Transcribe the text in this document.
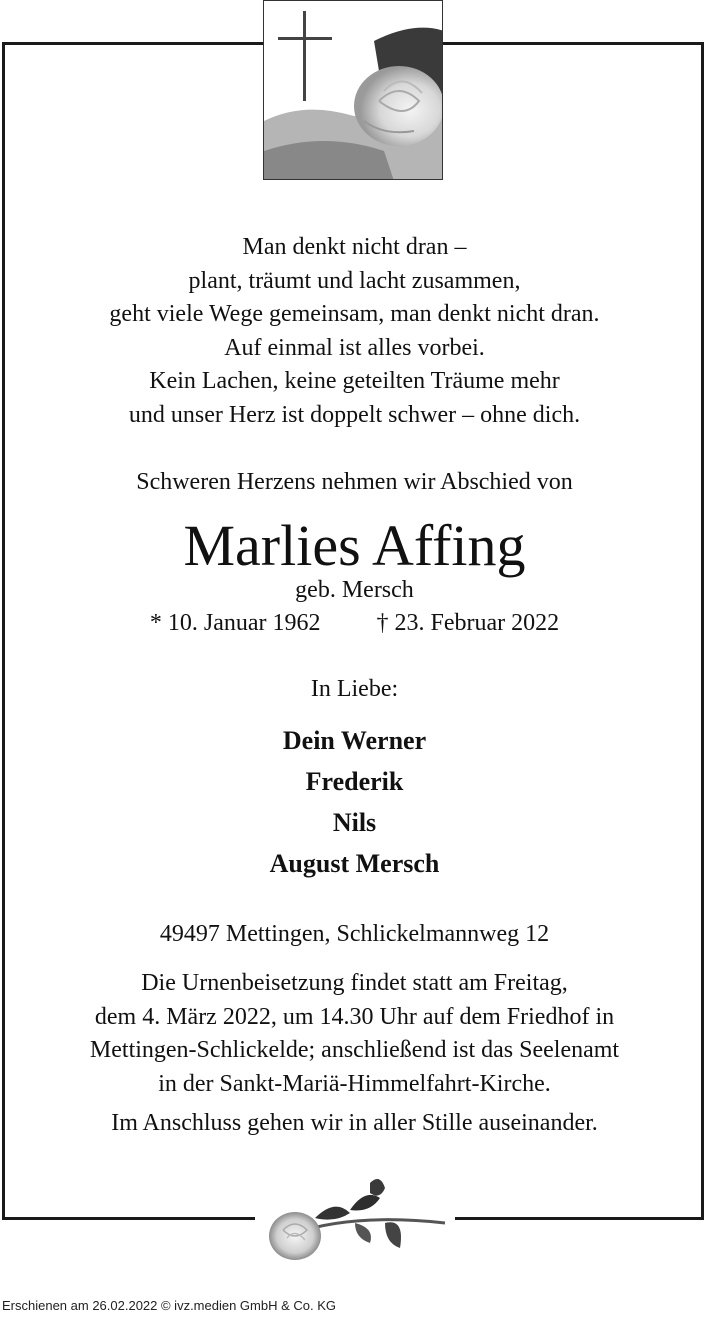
Man denkt nicht dran –
plant, träumt und lacht zusammen,
geht viele Wege gemeinsam, man denkt nicht dran.
Auf einmal ist alles vorbei.
Kein Lachen, keine geteilten Träume mehr
und unser Herz ist doppelt schwer – ohne dich.
Schweren Herzens nehmen wir Abschied von
Marlies Affing
geb. Mersch
* 10. Januar 1962 † 23. Februar 2022
In Liebe:
Dein Werner
Frederik
Nils
August Mersch
49497 Mettingen, Schlickelmannweg 12
Die Urnenbeisetzung findet statt am Freitag,
dem 4. März 2022, um 14.30 Uhr auf dem Friedhof in
Mettingen-Schlickelde; anschließend ist das Seelenamt
in der Sankt-Mariä-Himmelfahrt-Kirche.
Im Anschluss gehen wir in aller Stille auseinander.
Erschienen am 26.02.2022 © ivz.medien GmbH & Co. KG
